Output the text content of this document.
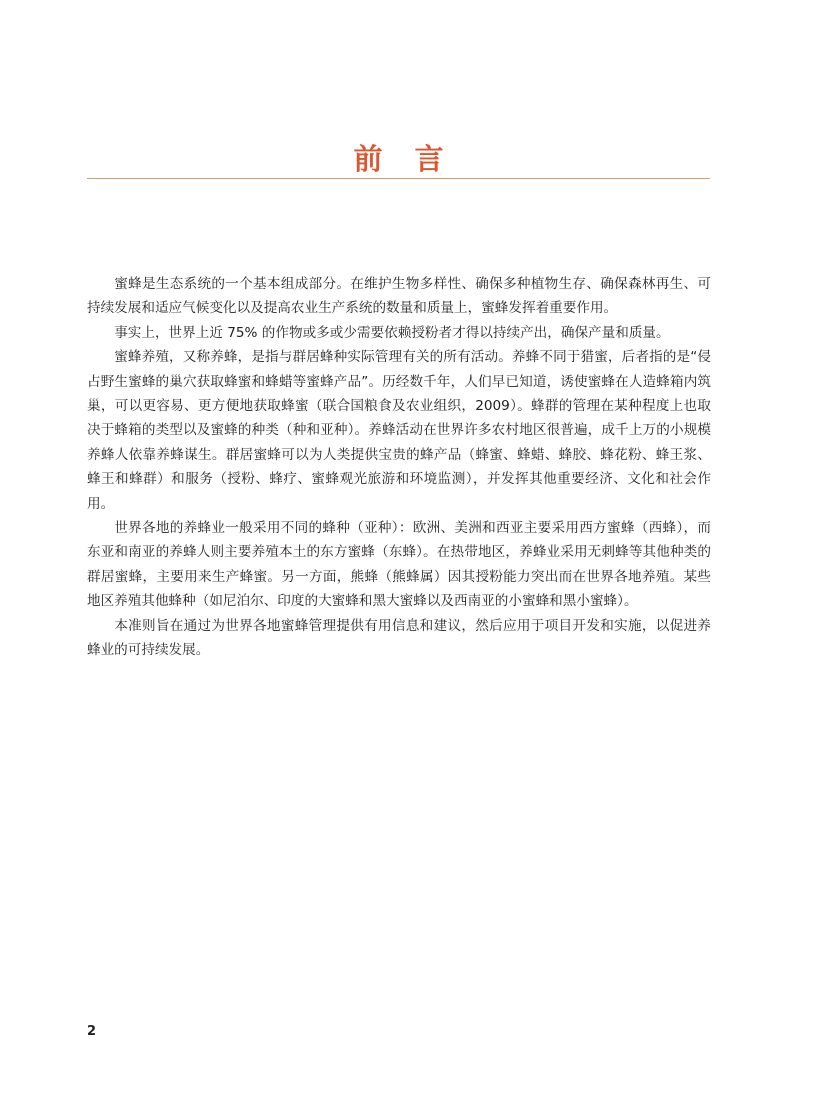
前言

蜜蜂是生态系统的一个基本组成部分。在维护生物多样性、确保多种植物生存、确保森林再生、可持续发展和适应气候变化以及提高农业生产系统的数量和质量上，蜜蜂发挥着重要作用。

事实上，世界上近 75% 的作物或多或少需要依赖授粉者才得以持续产出，确保产量和质量。

蜜蜂养殖，又称养蜂，是指与群居蜂种实际管理有关的所有活动。养蜂不同于猎蜜，后者指的是“侵占野生蜜蜂的巢穴获取蜂蜜和蜂蜡等蜜蜂产品”。历经数千年，人们早已知道，诱使蜜蜂在人造蜂箱内筑巢，可以更容易、更方便地获取蜂蜜（联合国粮食及农业组织，2009）。蜂群的管理在某种程度上也取决于蜂箱的类型以及蜜蜂的种类（种和亚种）。养蜂活动在世界许多农村地区很普遍，成千上万的小规模养蜂人依靠养蜂谋生。群居蜜蜂可以为人类提供宝贵的蜂产品（蜂蜜、蜂蜡、蜂胶、蜂花粉、蜂王浆、蜂王和蜂群）和服务（授粉、蜂疗、蜜蜂观光旅游和环境监测），并发挥其他重要经济、文化和社会作用。

世界各地的养蜂业一般采用不同的蜂种（亚种）：欧洲、美洲和西亚主要采用西方蜜蜂（西蜂），而东亚和南亚的养蜂人则主要养殖本土的东方蜜蜂（东蜂）。在热带地区，养蜂业采用无刺蜂等其他种类的群居蜜蜂，主要用来生产蜂蜜。另一方面，熊蜂（熊蜂属）因其授粉能力突出而在世界各地养殖。某些地区养殖其他蜂种（如尼泊尔、印度的大蜜蜂和黑大蜜蜂以及西南亚的小蜜蜂和黑小蜜蜂）。

本准则旨在通过为世界各地蜜蜂管理提供有用信息和建议，然后应用于项目开发和实施，以促进养蜂业的可持续发展。

2
